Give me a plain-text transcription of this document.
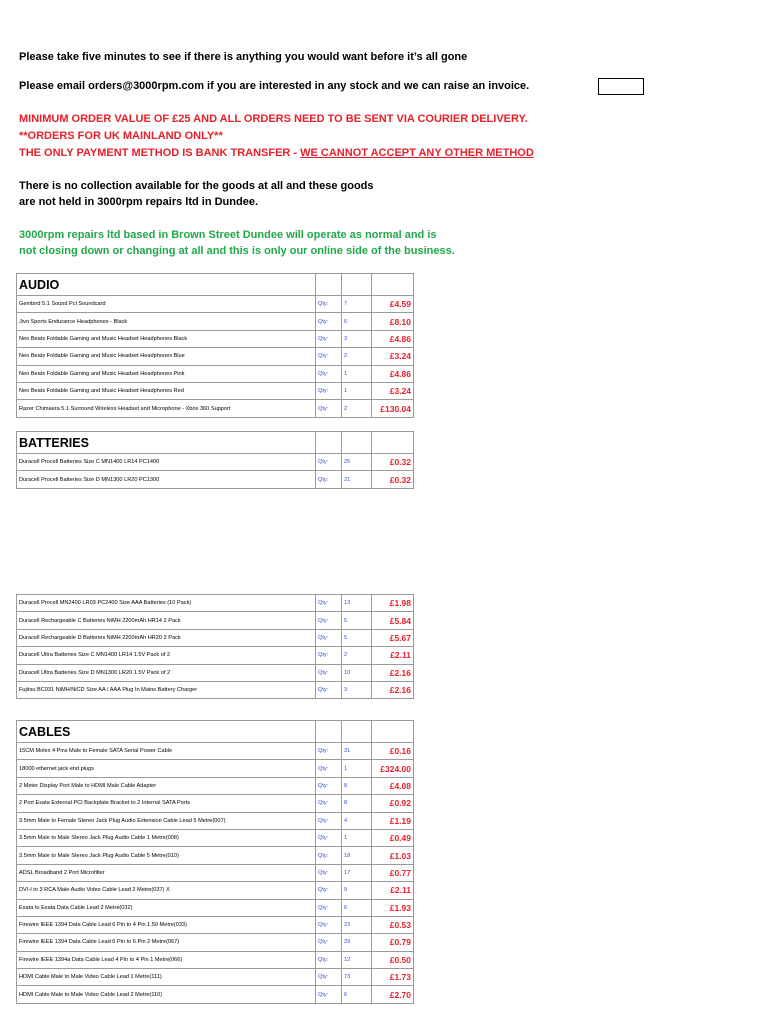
Please take five minutes to see if there is anything you would want before it’s all gone
Please email orders@3000rpm.com if you are interested in any stock and we can raise an invoice.
MINIMUM ORDER VALUE OF £25 AND ALL ORDERS NEED TO BE SENT VIA COURIER DELIVERY.
**ORDERS FOR UK MAINLAND ONLY**
THE ONLY PAYMENT METHOD IS BANK TRANSFER - WE CANNOT ACCEPT ANY OTHER METHOD
There is no collection available for the goods at all and these goods
are not held in 3000rpm repairs ltd in Dundee.
3000rpm repairs ltd based in Brown Street Dundee will operate as normal and is
not closing down or changing at all and this is only our online side of the business.
AUDIO			
Gembird 5.1 Sound Pci Soundcard	Qty:	7	£4.59
Jivo Sports Endurance Headphones - Black	Qty:	6	£8.10
Neo Beats Foldable Gaming and Music Headset Headphones Black	Qty:	3	£4.86
Neo Beats Foldable Gaming and Music Headset Headphones Blue	Qty:	2	£3.24
Neo Beats Foldable Gaming and Music Headset Headphones Pink	Qty:	1	£4.86
Neo Beats Foldable Gaming and Music Headset Headphones Red	Qty:	1	£3.24
Razer Chimaera 5.1 Surround Wireless Headset and Microphone - Xbox 360 Support	Qty:	2	£130.04
BATTERIES			
Duracell Procell Batteries Size C MN1400 LR14 PC1400	Qty:	25	£0.32
Duracell Procell Batteries Size D MN1300 LR20 PC1300	Qty:	21	£0.32
Duracell Procell MN2400 LR03 PC2400 Size AAA Batteries (10 Pack)	Qty:	13	£1.98
Duracell Rechargeable C Batteries NiMH 2200mAh HR14 2 Pack	Qty:	5	£5.84
Duracell Rechargeable D Batteries NiMH 2200mAh HR20 2 Pack	Qty:	5	£5.67
Duracell Ultra Batteries Size C MN1400 LR14 1.5V Pack of 2	Qty:	2	£2.11
Duracell Ultra Batteries Size D MN1300 LR20 1.5V Pack of 2	Qty:	10	£2.16
Fujitsu BC031 NiMH/NiCD Size AA / AAA Plug In Mains Battery Charger	Qty:	3	£2.16
CABLES			
15CM Molex 4 Pins Male to Female SATA Serial Power Cable	Qty:	31	£0.16
18000 ethernet jack end plugs	Qty:	1	£324.00
2 Meter Display Port Male to HDMI Male Cable Adapter	Qty:	8	£4.08
2 Port Esata External PCI Backplate Bracket to 2 Internal SATA Ports	Qty:	8	£0.92
3.5mm Male to Female Stereo Jack Plug Audio Extension Cable Lead 5 Metre(007)	Qty:	4	£1.19
3.5mm Male to Male Stereo Jack Plug Audio Cable 1 Metre(008)	Qty:	1	£0.49
3.5mm Male to Male Stereo Jack Plug Audio Cable 5 Metre(010)	Qty:	18	£1.03
ADSL Broadband 2 Port Microfilter	Qty:	17	£0.77
DVI-I to 3 RCA Male Audio Video Cable Lead 2 Metre(037) X	Qty:	9	£2.11
Esata to Esata Data Cable Lead 2 Metre(032)	Qty:	6	£1.93
Firewire IEEE 1394 Data Cable Lead 6 Pin to 4 Pin 1.50 Metre(033)	Qty:	23	£0.53
Firewire IEEE 1394 Data Cable Lead 6 Pin to 6 Pin 2 Metre(067)	Qty:	29	£0.79
Firewire IEEE 1394a Data Cable Lead 4 Pin to 4 Pin 1 Metre(066)	Qty:	12	£0.50
HDMI Cable Male to Male Video Cable Lead 1 Metre(111)	Qty:	73	£1.73
HDMI Cable Male to Male Video Cable Lead 2 Metre(110)	Qty:	6	£2.70
